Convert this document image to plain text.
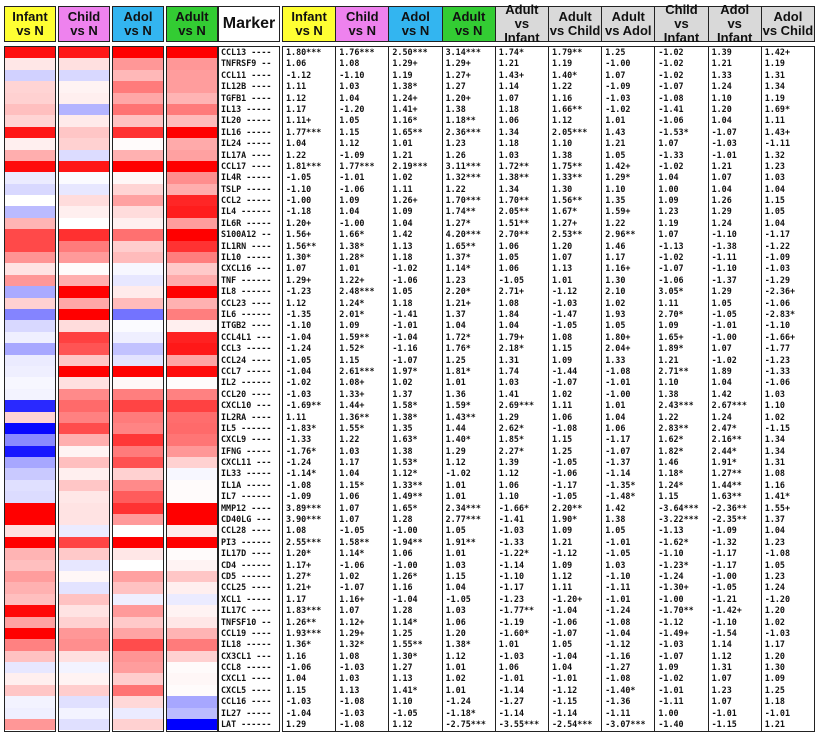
Infant
vs N
Child
vs N
Adol
vs N
Adult
vs N Marker	Infant
vs N
Child
vs N
Adol
vs N
Adult
vs N
Adult
vs Infant
Adult
vs Child
Adult
vs Adol
Child
vs Infant
Adol
vs Infant
Adol
vs Child
CCL13 ----
TNFRSF9 --
CCL11 ----
IL12B ----
TGFB1 ----
IL13 -----
IL20 -----
IL16 -----
IL24 -----
IL17A ----
CCL17 ----
IL4R -----
TSLP -----
CCL2 -----
IL4 ------
IL6R -----
S100A12 --
IL1RN ----
IL10 -----
CXCL16 ---
TNF ------
IL8 ------
CCL23 ----
IL6 ------
ITGB2 ----
CCL4L1 ---
CCL3 -----
CCL24 ----
CCL7 -----
IL2 ------
CCL20 ----
CXCL10 ---
IL2RA ----
IL5 ------
CXCL9 ----
IFNG -----
CXCL11 ---
IL33 -----
IL1A -----
IL7 ------
MMP12 ----
CD40LG ---
CCL28 ----
PI3 ------
IL17D ----
CD4 ------
CD5 ------
CCL25 ----
XCL1 -----
IL17C ----
TNFSF10 --
CCL19 ----
IL18 -----
CX3CL1 ---
CCL8 -----
CXCL1 ----
CXCL5 ----
CCL16 ----
IL27 -----
LAT ------
1.80***
1.06
-1.12
1.11
1.12
1.17
1.11+
1.77***
1.04
1.22
1.81***
-1.05
-1.10
-1.00
-1.18
1.20+
1.56+
1.56**
1.30*
1.07
1.29+
-1.23
1.12
-1.35
-1.10
-1.04
-1.24
-1.05
-1.04
-1.02
-1.03
-1.69**
1.11
-1.83*
-1.33
-1.76*
-1.24
-1.14*
-1.08
-1.09
3.89***
3.90***
1.08
2.55***
1.20*
1.17+
1.27*
1.21+
1.17
1.83***
1.26**
1.93***
1.36*
1.16
-1.06
1.04
1.15
-1.03
-1.04
1.29
1.76***
1.08
-1.10
1.03
1.04
-1.20
1.05
1.15
1.12
-1.09
1.77***
-1.01
-1.06
1.09
1.04
-1.00
1.66*
1.38*
1.28*
1.01
1.22+
2.48***
1.24*
2.01*
1.09
1.59**
1.52*
1.15
2.61***
1.08+
1.33+
1.44+
1.36**
1.55*
1.22
1.03
1.17
1.04
1.15*
1.06
1.07
1.07
-1.05
1.58**
1.14*
-1.06
1.02
-1.07
1.16+
1.07
1.12+
1.29+
1.32*
1.08
-1.03
1.03
1.13
-1.08
-1.03
-1.08
2.50***
1.29+
1.19
1.38*
1.24+
1.41+
1.16*
1.65**
1.01
1.21
2.19***
1.02
1.11
1.26+
1.09
1.04
1.42
1.13
1.18
-1.02
-1.06
1.05
1.18
-1.41
-1.01
-1.04
-1.16
-1.07
1.97*
1.02
1.37
1.58*
1.38*
1.35
1.63*
1.38
1.53*
1.12*
1.33**
1.49**
1.65*
1.28
-1.00
1.94**
1.06
-1.00
1.26*
1.16
-1.04
1.28
1.14*
1.25
1.55**
1.30*
1.27
1.13
1.41*
1.10
-1.05
1.12
3.14***
1.29+
1.27+
1.27
1.20+
1.38
1.18**
2.36***
1.23
1.26
3.11***
1.32***
1.22
1.70***
1.74**
1.27*
4.20***
1.65**
1.37*
1.14*
1.23
2.20*
1.21+
1.37
1.04
1.72*
1.76*
1.25
1.81*
1.01
1.36
1.59*
1.43**
1.44
1.40*
1.29
1.12
-1.02
1.01
1.01
2.34***
2.77***
1.05
1.91**
1.01
1.03
1.15
1.04
-1.05
1.03
1.06
1.20
1.38*
1.12
1.01
1.02
1.01
-1.24
-1.18*
-2.75***
1.74*
1.21
1.43+
1.14
1.07
1.18
1.06
1.34
1.18
1.03
1.72**
1.38**
1.34
1.70**
2.05**
1.51**
2.70**
1.06
1.05
1.06
-1.05
2.71+
1.08
1.84
1.04
1.79+
2.18*
1.31
1.74
1.03
1.41
2.69***
1.29
2.62*
1.85*
2.27*
1.39
1.12
1.06
1.10
-1.66*
-1.41
-1.03
-1.33
-1.22*
-1.14
-1.10
-1.17
-1.23
-1.77**
-1.19
-1.60*
1.01
-1.03
1.06
-1.01
-1.14
-1.27
-1.14
-3.55***
1.79**
1.19
1.40*
1.22
1.16
1.66**
1.12
2.05***
1.10
1.38
1.75**
1.33**
1.30
1.56**
1.67*
1.27+
2.53**
1.20
1.07
1.13
1.01
-1.12
-1.03
-1.47
-1.05
1.08
1.15
1.09
-1.44
-1.07
1.02
1.11
1.06
-1.08
1.15
1.25
-1.05
-1.06
-1.17
-1.05
2.20**
1.90*
1.09
1.21
-1.12
1.09
1.12
1.11
-1.20+
-1.04
-1.06
-1.07
1.05
-1.04
1.04
-1.01
-1.12
-1.15
-1.14
-2.54***
1.25
-1.00
1.07
-1.09
-1.03
-1.02
1.01
1.43
1.21
1.05
1.42+
1.29*
1.10
1.35
1.59+
1.22
2.96**
1.46
1.17
1.16+
1.30
2.10
1.02
1.93
1.05
1.80+
2.04+
1.33
-1.08
-1.01
-1.00
1.01
1.04
1.06
-1.17
-1.07
-1.37
-1.14
-1.35*
-1.48*
1.42
1.38
1.05
-1.01
-1.05
1.03
-1.10
-1.11
-1.01
-1.24
-1.08
-1.04
-1.12
-1.16
-1.27
-1.08
-1.40*
-1.36
-1.11
-3.07***
-1.02
-1.02
-1.02
-1.07
-1.08
-1.41
-1.06
-1.53*
1.07
-1.33
-1.02
1.04
1.00
1.09
1.23
1.19
1.07
-1.13
-1.02
-1.07
-1.06
3.05*
1.11
2.70*
1.09
1.65+
1.89*
1.21
2.71**
1.10
1.38
2.43***
1.22
2.83**
1.62*
1.82*
1.46
1.18*
1.24*
1.15
-3.64***
-3.22***
-1.13
-1.62*
-1.10
-1.23*
-1.24
-1.30+
-1.00
-1.70**
-1.12
-1.49+
-1.03
-1.07
1.09
-1.02
-1.01
-1.11
1.00
-1.40
1.39
1.21
1.33
1.24
1.10
1.20
1.04
-1.07
-1.03
-1.01
1.21
1.07
1.04
1.26
1.29
1.24
-1.10
-1.38
-1.11
-1.10
-1.37
1.29
1.05
-1.05
-1.01
-1.00
1.07
-1.02
1.89
1.04
1.42
2.67***
1.24
2.47*
2.16**
2.44*
1.91*
1.27**
1.44**
1.63**
-2.36**
-2.35**
-1.09
-1.32
-1.17
-1.17
-1.00
-1.05
-1.21
-1.42+
-1.10
-1.54
1.14
1.12
1.31
1.07
1.23
1.07
-1.01
-1.15
1.42+
1.19
1.31
1.34
1.19
1.69*
1.11
1.43+
-1.11
1.32
1.23
1.03
1.04
1.15
1.05
1.04
-1.17
-1.22
-1.09
-1.03
-1.29
-2.36+
-1.06
-2.83*
-1.10
-1.66+
-1.77
-1.23
-1.33
-1.06
1.03
1.10
1.02
-1.15
1.34
1.34
1.31
1.08
1.16
1.41*
1.55+
1.37
1.04
1.23
-1.08
1.05
1.23
1.24
-1.20
1.20
1.02
-1.03
1.17
1.20
1.30
1.09
1.25
1.18
-1.01
1.21
